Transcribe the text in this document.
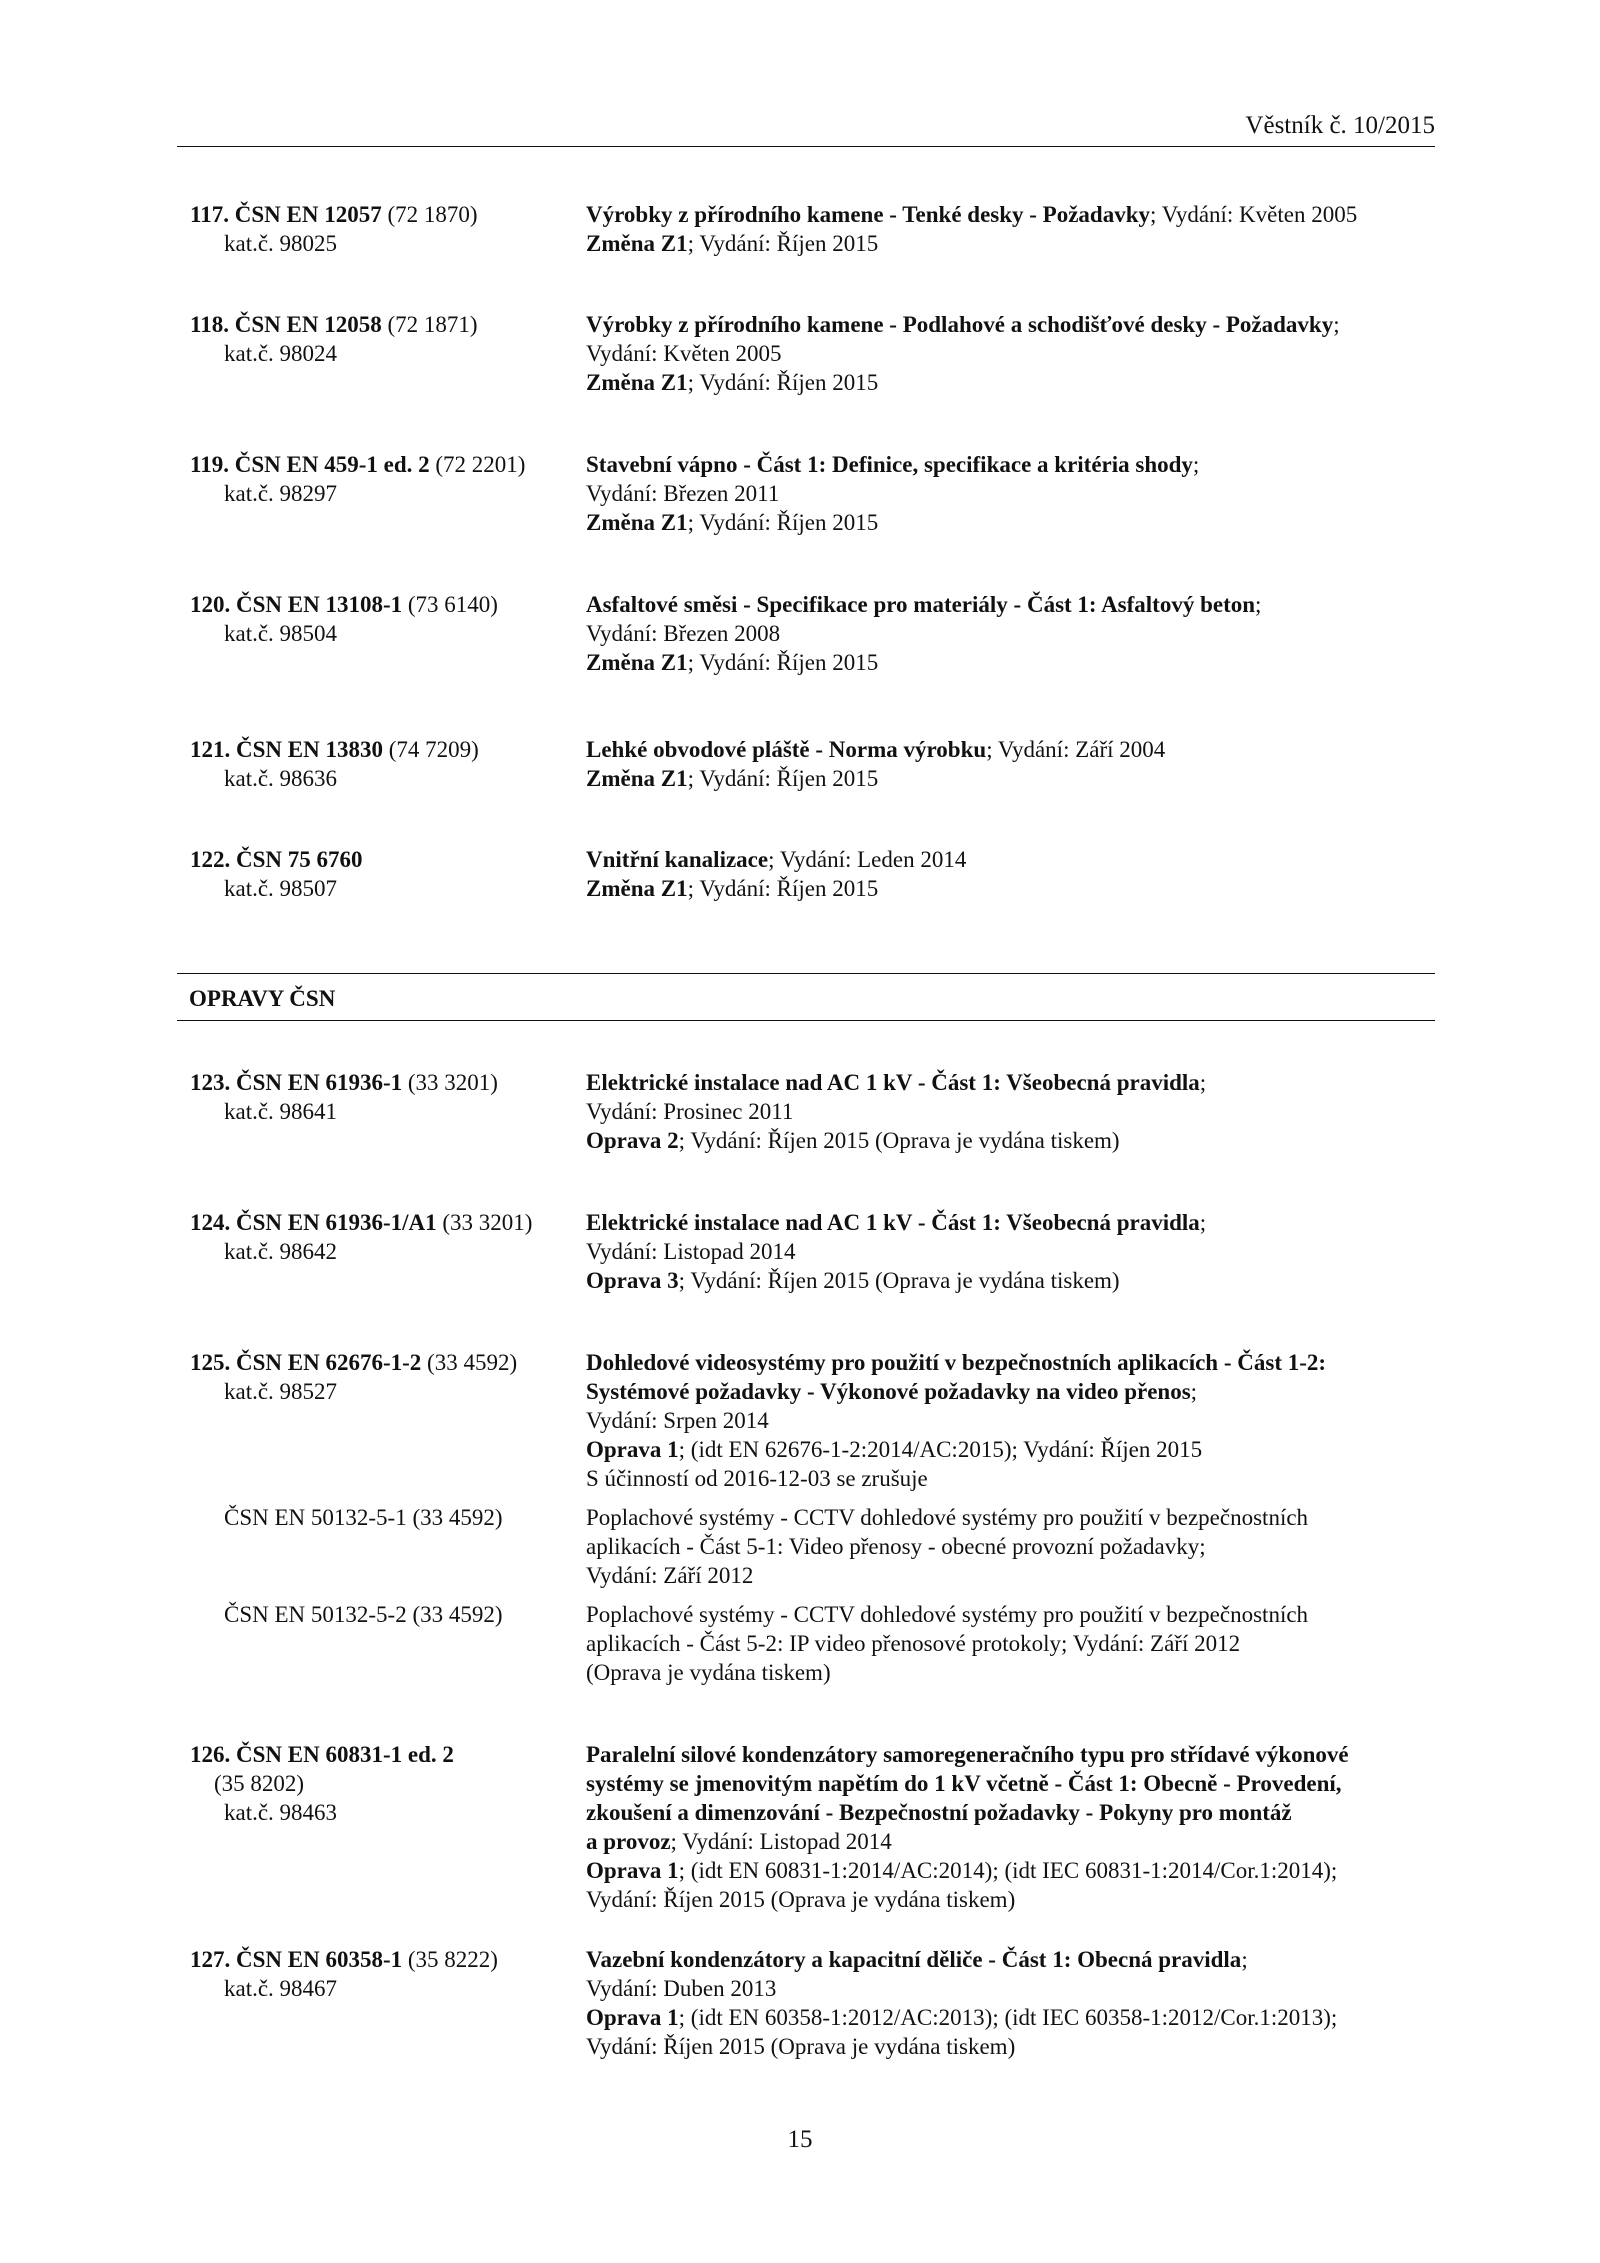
Věstník č. 10/2015
OPRAVY ČSN
117. ČSN EN 12057 (72 1870)
kat.č. 98025
Výrobky z přírodního kamene - Tenké desky - Požadavky; Vydání: Květen 2005
Změna Z1; Vydání: Říjen 2015
118. ČSN EN 12058 (72 1871)
kat.č. 98024
Výrobky z přírodního kamene - Podlahové a schodišťové desky - Požadavky;
Vydání: Květen 2005
Změna Z1; Vydání: Říjen 2015
119. ČSN EN 459-1 ed. 2 (72 2201)
kat.č. 98297
Stavební vápno - Část 1: Definice, specifikace a kritéria shody;
Vydání: Březen 2011
Změna Z1; Vydání: Říjen 2015
120. ČSN EN 13108-1 (73 6140)
kat.č. 98504
Asfaltové směsi - Specifikace pro materiály - Část 1: Asfaltový beton;
Vydání: Březen 2008
Změna Z1; Vydání: Říjen 2015
121. ČSN EN 13830 (74 7209)
kat.č. 98636
Lehké obvodové pláště - Norma výrobku; Vydání: Září 2004
Změna Z1; Vydání: Říjen 2015
122. ČSN 75 6760
kat.č. 98507
Vnitřní kanalizace; Vydání: Leden 2014
Změna Z1; Vydání: Říjen 2015
123. ČSN EN 61936-1 (33 3201)
kat.č. 98641
Elektrické instalace nad AC 1 kV - Část 1: Všeobecná pravidla;
Vydání: Prosinec 2011
Oprava 2; Vydání: Říjen 2015 (Oprava je vydána tiskem)
124. ČSN EN 61936-1/A1 (33 3201)
kat.č. 98642
Elektrické instalace nad AC 1 kV - Část 1: Všeobecná pravidla;
Vydání: Listopad 2014
Oprava 3; Vydání: Říjen 2015 (Oprava je vydána tiskem)
125. ČSN EN 62676-1-2 (33 4592)
kat.č. 98527
Dohledové videosystémy pro použití v bezpečnostních aplikacích - Část 1-2:
Systémové požadavky - Výkonové požadavky na video přenos;
Vydání: Srpen 2014
Oprava 1; (idt EN 62676-1-2:2014/AC:2015); Vydání: Říjen 2015
S účinností od 2016-12-03 se zrušuje
ČSN EN 50132-5-1 (33 4592)	Poplachové systémy - CCTV dohledové systémy pro použití v bezpečnostních
aplikacích - Část 5-1: Video přenosy - obecné provozní požadavky;
Vydání: Září 2012
ČSN EN 50132-5-2 (33 4592)	Poplachové systémy - CCTV dohledové systémy pro použití v bezpečnostních
aplikacích - Část 5-2: IP video přenosové protokoly; Vydání: Září 2012
(Oprava je vydána tiskem)
126. ČSN EN 60831-1 ed. 2
(35 8202)
kat.č. 98463
Paralelní silové kondenzátory samoregeneračního typu pro střídavé výkonové
systémy se jmenovitým napětím do 1 kV včetně - Část 1: Obecně - Provedení,
zkoušení a dimenzování - Bezpečnostní požadavky - Pokyny pro montáž
a provoz; Vydání: Listopad 2014
Oprava 1; (idt EN 60831-1:2014/AC:2014); (idt IEC 60831-1:2014/Cor.1:2014);
Vydání: Říjen 2015 (Oprava je vydána tiskem)
127. ČSN EN 60358-1 (35 8222)
kat.č. 98467
Vazební kondenzátory a kapacitní děliče - Část 1: Obecná pravidla;
Vydání: Duben 2013
Oprava 1; (idt EN 60358-1:2012/AC:2013); (idt IEC 60358-1:2012/Cor.1:2013);
Vydání: Říjen 2015 (Oprava je vydána tiskem)
15
